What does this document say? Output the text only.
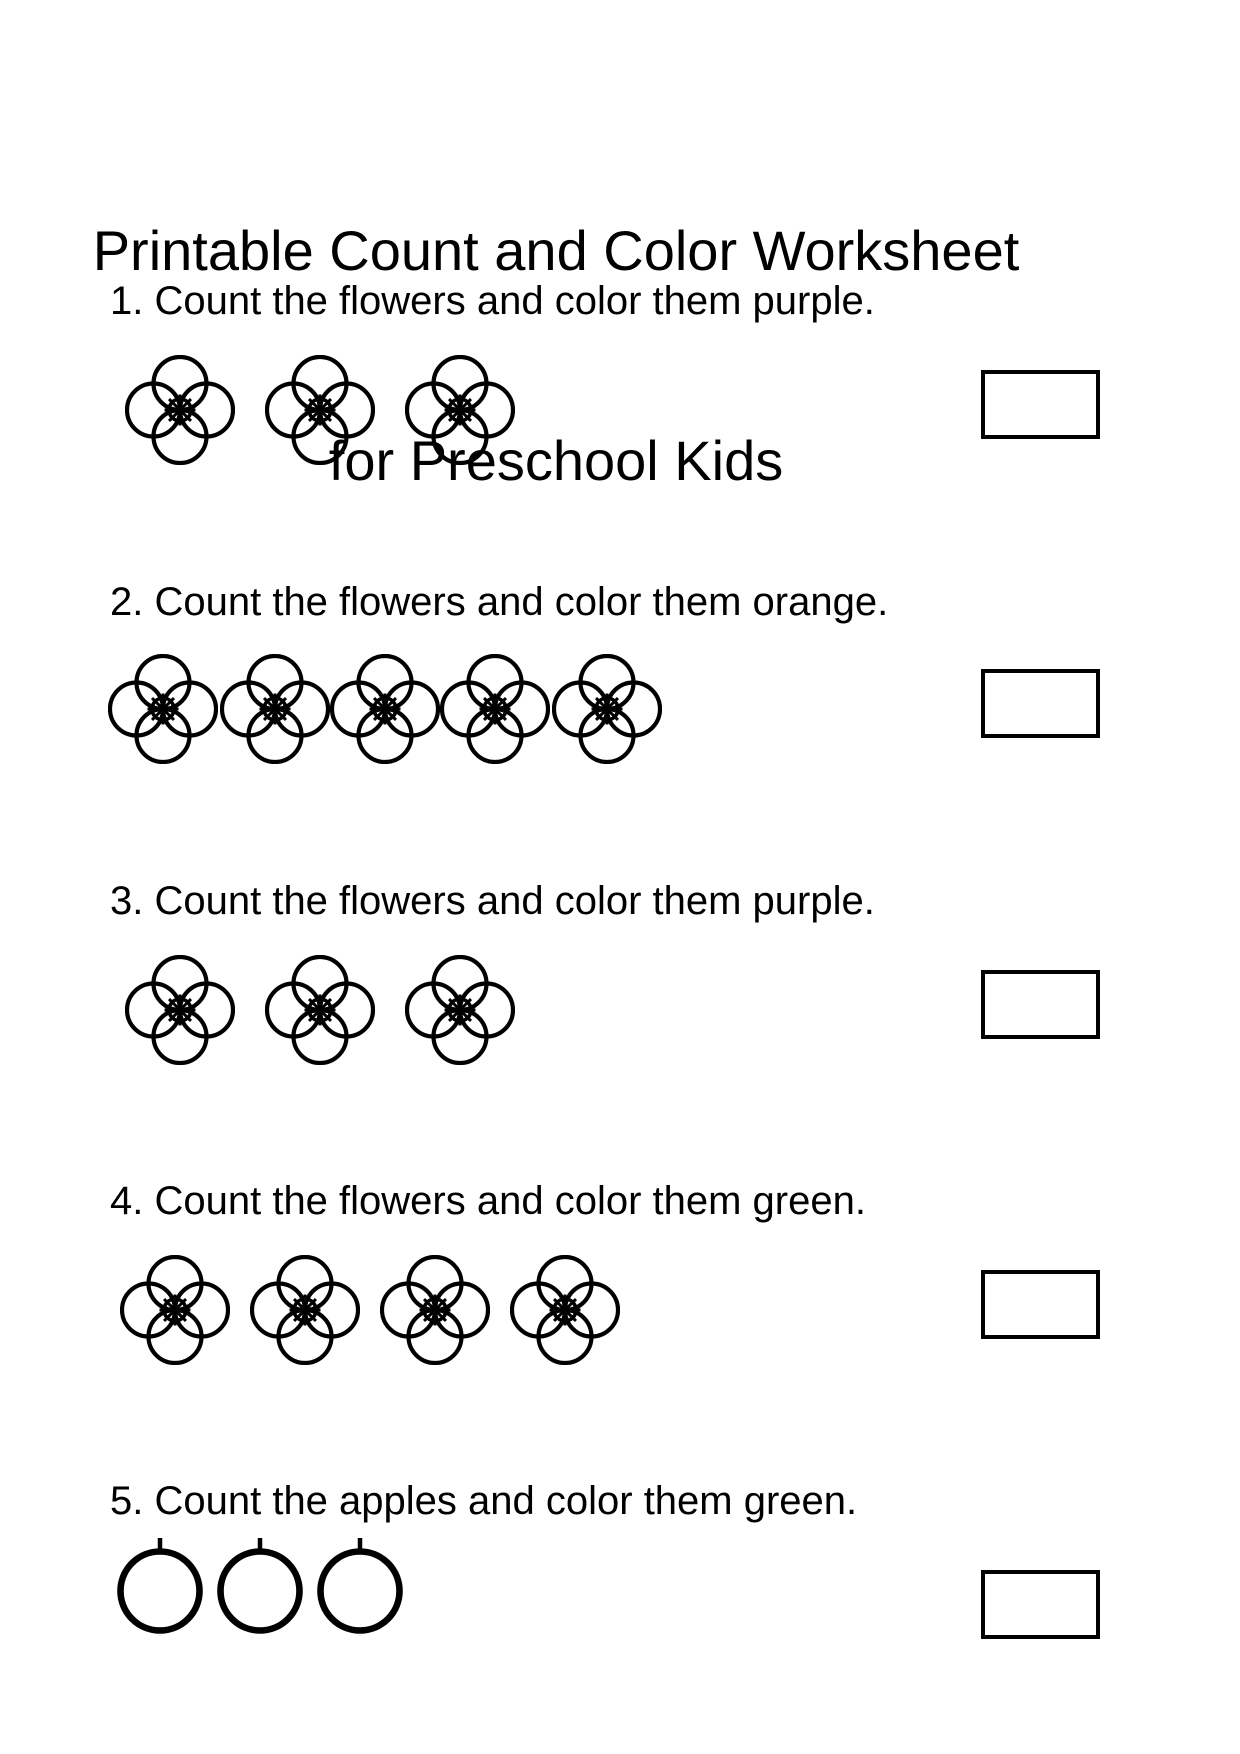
Printable Count and Color Worksheet

for Preschool Kids

1. Count the flowers and color them purple.
2. Count the flowers and color them orange.
3. Count the flowers and color them purple.
4. Count the flowers and color them green.
5. Count the apples and color them green.
